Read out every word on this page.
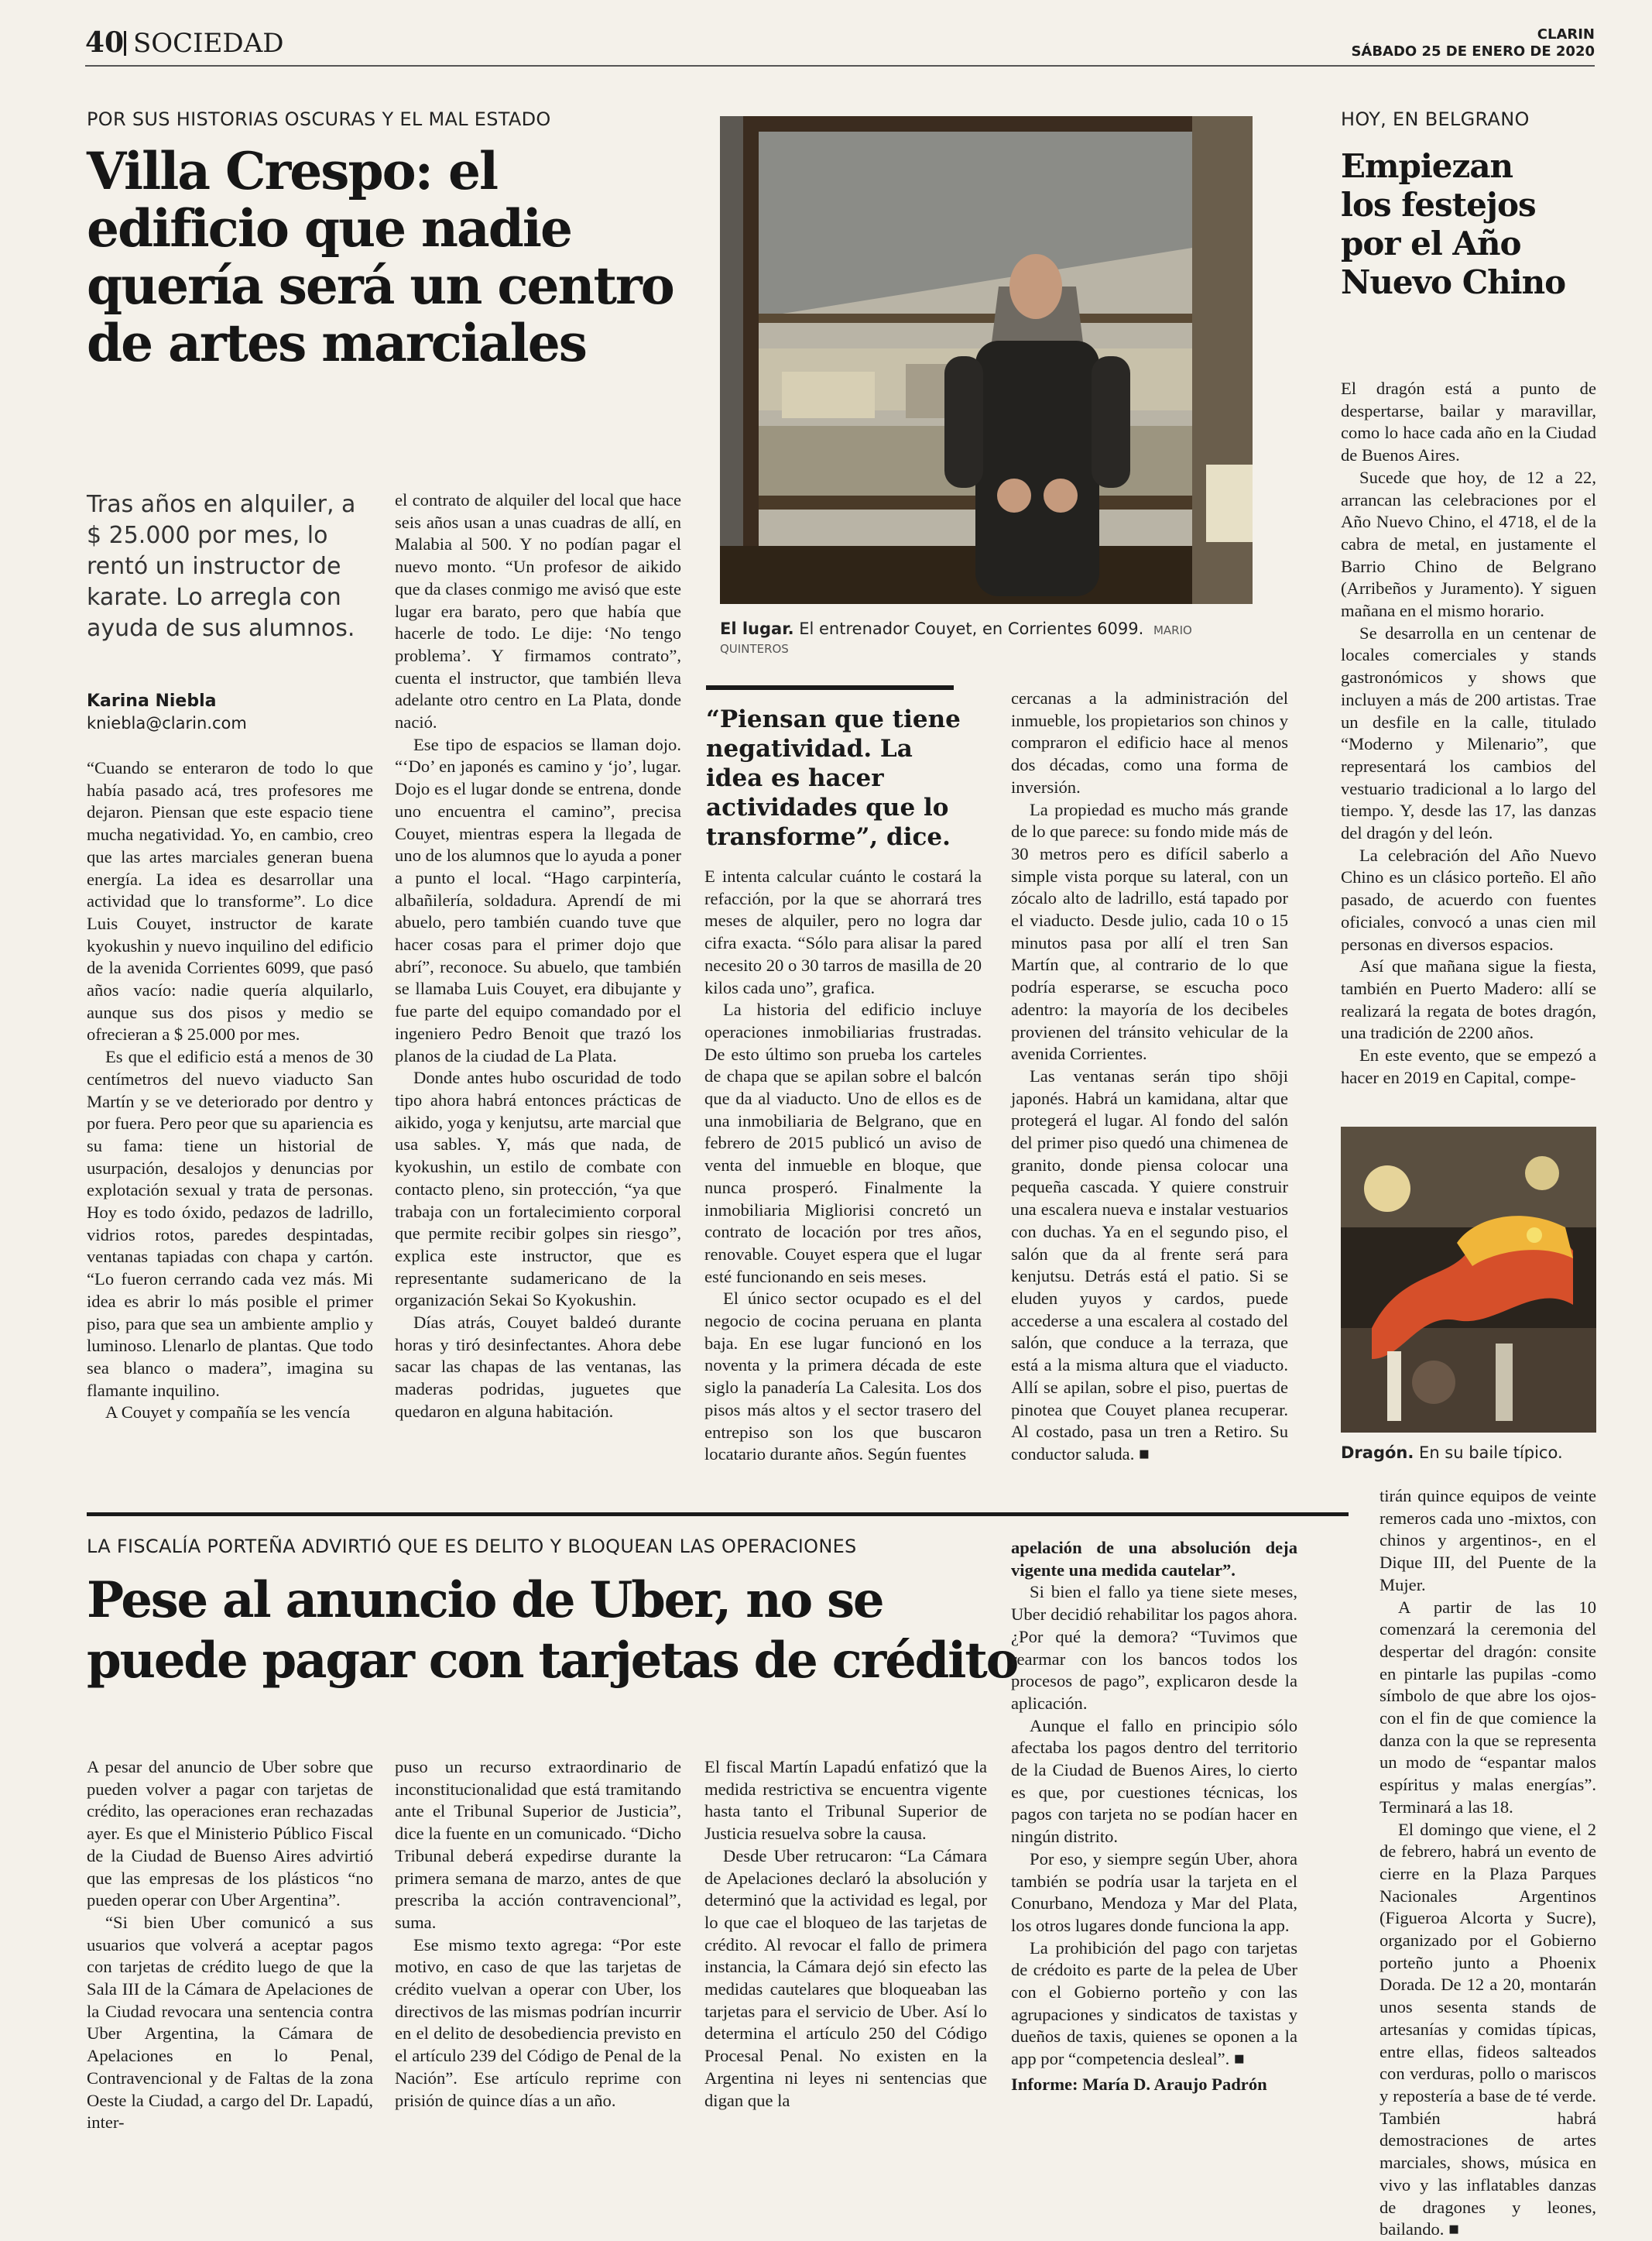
40 SOCIEDAD	CLARIN
SÁBADO 25 DE ENERO DE 2020
POR SUS HISTORIAS OSCURAS Y EL MAL ESTADO
Villa Crespo: el edificio que nadie quería será un centro de artes marciales
Tras años en alquiler, a $ 25.000 por mes, lo rentó un instructor de karate. Lo arregla con ayuda de sus alumnos.
Karina Niebla
kniebla@clarin.com
El lugar. El entrenador Couyet, en Corrientes 6099. MARIO QUINTEROS
“Piensan que tiene negatividad. La idea es hacer actividades que lo transforme”, dice.

“Cuando se enteraron de todo lo que había pasado acá, tres profesores me dejaron. Piensan que este espacio tiene mucha negatividad. Yo, en cambio, creo que las artes marciales generan buena energía. La idea es desarrollar una actividad que lo transforme”. Lo dice Luis Couyet, instructor de karate kyokushin y nuevo inquilino del edificio de la avenida Corrientes 6099, que pasó años vacío: nadie quería alquilarlo, aunque sus dos pisos y medio se ofrecieran a $ 25.000 por mes.

Es que el edificio está a menos de 30 centímetros del nuevo viaducto San Martín y se ve deteriorado por dentro y por fuera. Pero peor que su apariencia es su fama: tiene un historial de usurpación, desalojos y denuncias por explotación sexual y trata de personas. Hoy es todo óxido, pedazos de ladrillo, vidrios rotos, paredes despintadas, ventanas tapiadas con chapa y cartón. “Lo fueron cerrando cada vez más. Mi idea es abrir lo más posible el primer piso, para que sea un ambiente amplio y luminoso. Llenarlo de plantas. Que todo sea blanco o madera”, imagina su flamante inquilino.

A Couyet y compañía se les vencía

el contrato de alquiler del local que hace seis años usan a unas cuadras de allí, en Malabia al 500. Y no podían pagar el nuevo monto. “Un profesor de aikido que da clases conmigo me avisó que este lugar era barato, pero que había que hacerle de todo. Le dije: ‘No tengo problema’. Y firmamos contrato”, cuenta el instructor, que también lleva adelante otro centro en La Plata, donde nació.

Ese tipo de espacios se llaman dojo. “‘Do’ en japonés es camino y ‘jo’, lugar. Dojo es el lugar donde se entrena, donde uno encuentra el camino”, precisa Couyet, mientras espera la llegada de uno de los alumnos que lo ayuda a poner a punto el local. “Hago carpintería, albañilería, soldadura. Aprendí de mi abuelo, pero también cuando tuve que hacer cosas para el primer dojo que abrí”, reconoce. Su abuelo, que también se llamaba Luis Couyet, era dibujante y fue parte del equipo comandado por el ingeniero Pedro Benoit que trazó los planos de la ciudad de La Plata.

Donde antes hubo oscuridad de todo tipo ahora habrá entonces prácticas de aikido, yoga y kenjutsu, arte marcial que usa sables. Y, más que nada, de kyokushin, un estilo de combate con contacto pleno, sin protección, “ya que trabaja con un fortalecimiento corporal que permite recibir golpes sin riesgo”, explica este instructor, que es representante sudamericano de la organización Sekai So Kyokushin.

Días atrás, Couyet baldeó durante horas y tiró desinfectantes. Ahora debe sacar las chapas de las ventanas, las maderas podridas, juguetes que quedaron en alguna habitación.

E intenta calcular cuánto le costará la refacción, por la que se ahorrará tres meses de alquiler, pero no logra dar cifra exacta. “Sólo para alisar la pared necesito 20 o 30 tarros de masilla de 20 kilos cada uno”, grafica.

La historia del edificio incluye operaciones inmobiliarias frustradas. De esto último son prueba los carteles de chapa que se apilan sobre el balcón que da al viaducto. Uno de ellos es de una inmobiliaria de Belgrano, que en febrero de 2015 publicó un aviso de venta del inmueble en bloque, que nunca prosperó. Finalmente la inmobiliaria Migliorisi concretó un contrato de locación por tres años, renovable. Couyet espera que el lugar esté funcionando en seis meses.

El único sector ocupado es el del negocio de cocina peruana en planta baja. En ese lugar funcionó en los noventa y la primera década de este siglo la panadería La Calesita. Los dos pisos más altos y el sector trasero del entrepiso son los que buscaron locatario durante años. Según fuentes

cercanas a la administración del inmueble, los propietarios son chinos y compraron el edificio hace al menos dos décadas, como una forma de inversión.

La propiedad es mucho más grande de lo que parece: su fondo mide más de 30 metros pero es difícil saberlo a simple vista porque su lateral, con un zócalo alto de ladrillo, está tapado por el viaducto. Desde julio, cada 10 o 15 minutos pasa por allí el tren San Martín que, al contrario de lo que podría esperarse, se escucha poco adentro: la mayoría de los decibeles provienen del tránsito vehicular de la avenida Corrientes.

Las ventanas serán tipo shōji japonés. Habrá un kamidana, altar que protegerá el lugar. Al fondo del salón del primer piso quedó una chimenea de granito, donde piensa colocar una pequeña cascada. Y quiere construir una escalera nueva e instalar vestuarios con duchas. Ya en el segundo piso, el salón que da al frente será para kenjutsu. Detrás está el patio. Si se eluden yuyos y cardos, puede accederse a una escalera al costado del salón, que conduce a la terraza, que está a la misma altura que el viaducto. Allí se apilan, sobre el piso, puertas de pinotea que Couyet planea recuperar. Al costado, pasa un tren a Retiro. Su conductor saluda. ■

HOY, EN BELGRANO
Empiezan los festejos por el Año Nuevo Chino

El dragón está a punto de despertarse, bailar y maravillar, como lo hace cada año en la Ciudad de Buenos Aires.

Sucede que hoy, de 12 a 22, arrancan las celebraciones por el Año Nuevo Chino, el 4718, el de la cabra de metal, en justamente el Barrio Chino de Belgrano (Arribeños y Juramento). Y siguen mañana en el mismo horario.

Se desarrolla en un centenar de locales comerciales y stands gastronómicos y shows que incluyen a más de 200 artistas. Trae un desfile en la calle, titulado “Moderno y Milenario”, que representará los cambios del vestuario tradicional a lo largo del tiempo. Y, desde las 17, las danzas del dragón y del león.

La celebración del Año Nuevo Chino es un clásico porteño. El año pasado, de acuerdo con fuentes oficiales, convocó a unas cien mil personas en diversos espacios.

Así que mañana sigue la fiesta, también en Puerto Madero: allí se realizará la regata de botes dragón, una tradición de 2200 años.

En este evento, que se empezó a hacer en 2019 en Capital, compe-

Dragón. En su baile típico.

tirán quince equipos de veinte remeros cada uno -mixtos, con chinos y argentinos-, en el Dique III, del Puente de la Mujer.

A partir de las 10 comenzará la ceremonia del despertar del dragón: consite en pintarle las pupilas -como símbolo de que abre los ojos- con el fin de que comience la danza con la que se representa un modo de “espantar malos espíritus y malas energías”. Terminará a las 18.

El domingo que viene, el 2 de febrero, habrá un evento de cierre en la Plaza Parques Nacionales Argentinos (Figueroa Alcorta y Sucre), organizado por el Gobierno porteño junto a Phoenix Dorada. De 12 a 20, montarán unos sesenta stands de artesanías y comidas típicas, entre ellas, fideos salteados con verduras, pollo o mariscos y repostería a base de té verde. También habrá demostraciones de artes marciales, shows, música en vivo y las inflatables danzas de dragones y leones, bailando. ■

LA FISCALÍA PORTEÑA ADVIRTIÓ QUE ES DELITO Y BLOQUEAN LAS OPERACIONES
Pese al anuncio de Uber, no se
puede pagar con tarjetas de crédito

A pesar del anuncio de Uber sobre que pueden volver a pagar con tarjetas de crédito, las operaciones eran rechazadas ayer. Es que el Ministerio Público Fiscal de la Ciudad de Buenso Aires advirtió que las empresas de los plásticos “no pueden operar con Uber Argentina”.

“Si bien Uber comunicó a sus usuarios que volverá a aceptar pagos con tarjetas de crédito luego de que la Sala III de la Cámara de Apelaciones de la Ciudad revocara una sentencia contra Uber Argentina, la Cámara de Apelaciones en lo Penal, Contravencional y de Faltas de la zona Oeste la Ciudad, a cargo del Dr. Lapadú, inter-

puso un recurso extraordinario de inconstitucionalidad que está tramitando ante el Tribunal Superior de Justicia”, dice la fuente en un comunicado. “Dicho Tribunal deberá expedirse durante la primera semana de marzo, antes de que prescriba la acción contravencional”, suma.

Ese mismo texto agrega: “Por este motivo, en caso de que las tarjetas de crédito vuelvan a operar con Uber, los directivos de las mismas podrían incurrir en el delito de desobediencia previsto en el artículo 239 del Código de Penal de la Nación”. Ese artículo reprime con prisión de quince días a un año.

El fiscal Martín Lapadú enfatizó que la medida restrictiva se encuentra vigente hasta tanto el Tribunal Superior de Justicia resuelva sobre la causa.

Desde Uber retrucaron: “La Cámara de Apelaciones declaró la absolución y determinó que la actividad es legal, por lo que cae el bloqueo de las tarjetas de crédito. Al revocar el fallo de primera instancia, la Cámara dejó sin efecto las medidas cautelares que bloqueaban las tarjetas para el servicio de Uber. Así lo determina el artículo 250 del Código Procesal Penal. No existen en la Argentina ni leyes ni sentencias que digan que la

apelación de una absolución deja vigente una medida cautelar”.

Si bien el fallo ya tiene siete meses, Uber decidió rehabilitar los pagos ahora. ¿Por qué la demora? “Tuvimos que rearmar con los bancos todos los procesos de pago”, explicaron desde la aplicación.

Aunque el fallo en principio sólo afectaba los pagos dentro del territorio de la Ciudad de Buenos Aires, lo cierto es que, por cuestiones técnicas, los pagos con tarjeta no se podían hacer en ningún distrito.

Por eso, y siempre según Uber, ahora también se podría usar la tarjeta en el Conurbano, Mendoza y Mar del Plata, los otros lugares donde funciona la app.

La prohibición del pago con tarjetas de crédoito es parte de la pelea de Uber con el Gobierno porteño y con las agrupaciones y sindicatos de taxistas y dueños de taxis, quienes se oponen a la app por “competencia desleal”. ■

Informe: María D. Araujo Padrón
